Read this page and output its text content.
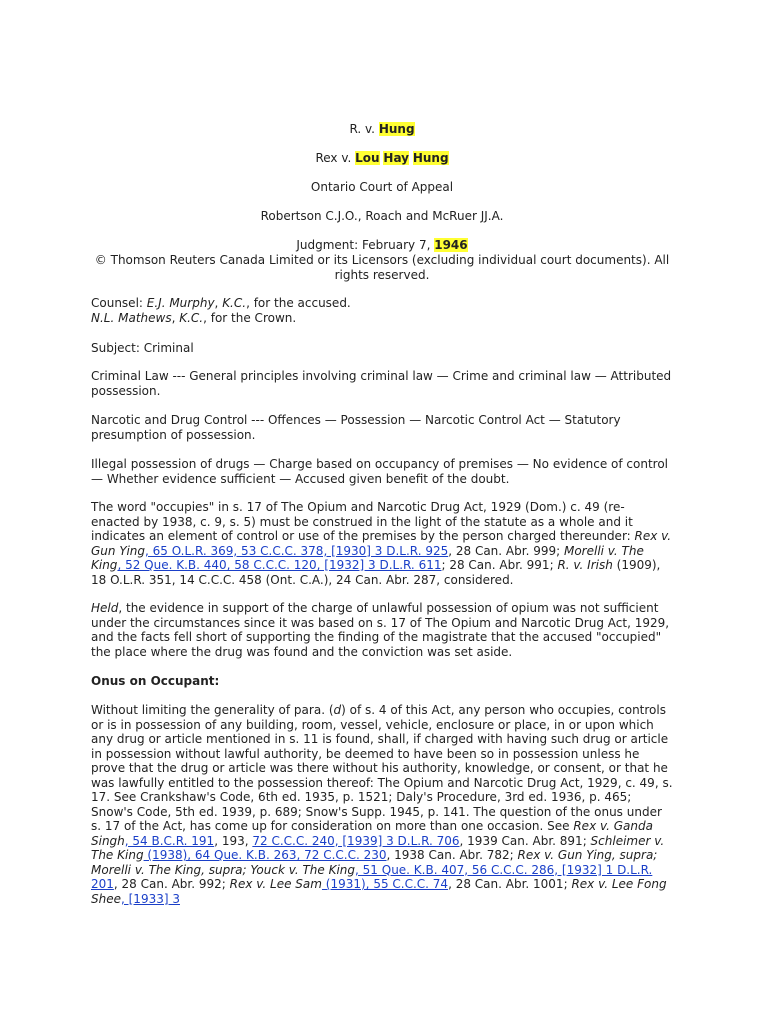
R. v. Hung

Rex v. Lou Hay Hung

Ontario Court of Appeal

Robertson C.J.O., Roach and McRuer JJ.A.

Judgment: February 7, 1946

© Thomson Reuters Canada Limited or its Licensors (excluding individual court documents). All rights reserved.

Counsel: E.J. Murphy, K.C., for the accused.
N.L. Mathews, K.C., for the Crown.

Subject: Criminal

Criminal Law --- General principles involving criminal law — Crime and criminal law — Attributed possession.

Narcotic and Drug Control --- Offences — Possession — Narcotic Control Act — Statutory presumption of possession.

Illegal possession of drugs — Charge based on occupancy of premises — No evidence of control — Whether evidence sufficient — Accused given benefit of the doubt.

The word "occupies" in s. 17 of The Opium and Narcotic Drug Act, 1929 (Dom.) c. 49 (re-enacted by 1938, c. 9, s. 5) must be construed in the light of the statute as a whole and it indicates an element of control or use of the premises by the person charged thereunder: Rex v. Gun Ying, 65 O.L.R. 369, 53 C.C.C. 378, [1930] 3 D.L.R. 925, 28 Can. Abr. 999; Morelli v. The King, 52 Que. K.B. 440, 58 C.C.C. 120, [1932] 3 D.L.R. 611; 28 Can. Abr. 991; R. v. Irish (1909), 18 O.L.R. 351, 14 C.C.C. 458 (Ont. C.A.), 24 Can. Abr. 287, considered.

Held, the evidence in support of the charge of unlawful possession of opium was not sufficient under the circumstances since it was based on s. 17 of The Opium and Narcotic Drug Act, 1929, and the facts fell short of supporting the finding of the magistrate that the accused "occupied" the place where the drug was found and the conviction was set aside.

Onus on Occupant:

Without limiting the generality of para. (d) of s. 4 of this Act, any person who occupies, controls or is in possession of any building, room, vessel, vehicle, enclosure or place, in or upon which any drug or article mentioned in s. 11 is found, shall, if charged with having such drug or article in possession without lawful authority, be deemed to have been so in possession unless he prove that the drug or article was there without his authority, knowledge, or consent, or that he was lawfully entitled to the possession thereof: The Opium and Narcotic Drug Act, 1929, c. 49, s. 17. See Crankshaw's Code, 6th ed. 1935, p. 1521; Daly's Procedure, 3rd ed. 1936, p. 465; Snow's Code, 5th ed. 1939, p. 689; Snow's Supp. 1945, p. 141. The question of the onus under s. 17 of the Act, has come up for consideration on more than one occasion. See Rex v. Ganda Singh, 54 B.C.R. 191, 193, 72 C.C.C. 240, [1939] 3 D.L.R. 706, 1939 Can. Abr. 891; Schleimer v. The King (1938), 64 Que. K.B. 263, 72 C.C.C. 230, 1938 Can. Abr. 782; Rex v. Gun Ying, supra; Morelli v. The King, supra; Youck v. The King, 51 Que. K.B. 407, 56 C.C.C. 286, [1932] 1 D.L.R. 201, 28 Can. Abr. 992; Rex v. Lee Sam (1931), 55 C.C.C. 74, 28 Can. Abr. 1001; Rex v. Lee Fong Shee, [1933] 3
